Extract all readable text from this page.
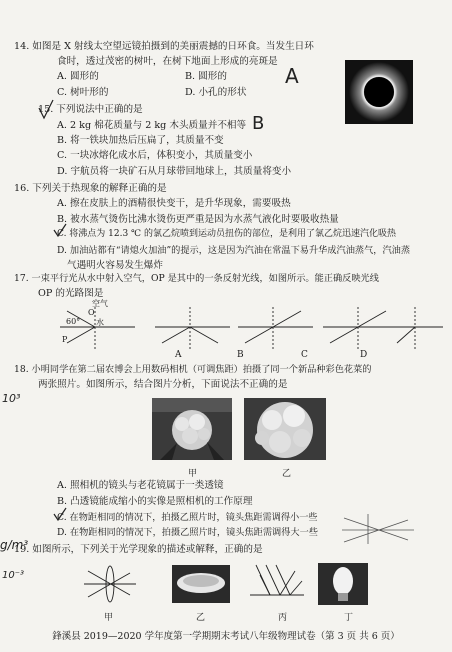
14. 如图是 X 射线太空望远镜拍摄到的美丽震撼的日环食。当发生日环
食时，透过茂密的树叶，在树下地面上形成的亮斑是
A. 圆形的	B. 圆形的
C. 树叶形的	D. 小孔的形状
A
15. 下列说法中正确的是
A. 2 kg 棉花质量与 2 kg 木头质量并不相等
B. 将一铁块加热后压扁了，其质量不变
C. 一块冰熔化成水后，体积变小，其质量变小
D. 宇航员将一块矿石从月球带回地球上，其质量将变小
B
16. 下列关于热现象的解释正确的是
A. 擦在皮肤上的酒精很快变干，是升华现象，需要吸热
B. 被水蒸气烫伤比沸水烫伤更严重是因为水蒸气液化时要吸收热量
C. 将沸点为 12.3 ℃ 的氯乙烷喷到运动员扭伤的部位，是利用了氯乙烷迅速汽化吸热
D. 加油站都有“请熄火加油”的提示，这是因为汽油在常温下易升华成汽油蒸气，汽油蒸
气遇明火容易发生爆炸
17. 一束平行光从水中射入空气，OP 是其中的一条反射光线，如图所示。能正确反映光线
OP 的光路图是
O
空气
水
60°
P
A	B	C	D
18. 小明同学在第二届农博会上用数码相机（可调焦距）拍摄了同一个新品种彩色花菜的
两张照片。如图所示，结合图片分析，下面说法不正确的是
甲	乙
A. 照相机的镜头与老花镜属于一类透镜
B. 凸透镜能成缩小的实像是照相机的工作原理
C. 在物距相同的情况下，拍摄乙照片时，镜头焦距需调得小一些
D. 在物距相同的情况下，拍摄乙照片时，镜头焦距需调得大一些
19. 如图所示，下列关于光学现象的描述或解释，正确的是
甲	乙	丙	丁
10³
g/m³
10⁻³
鋒溪县 2019—2020 学年度第一学期期末考试八年级物理试卷（第 3 页 共 6 页）
